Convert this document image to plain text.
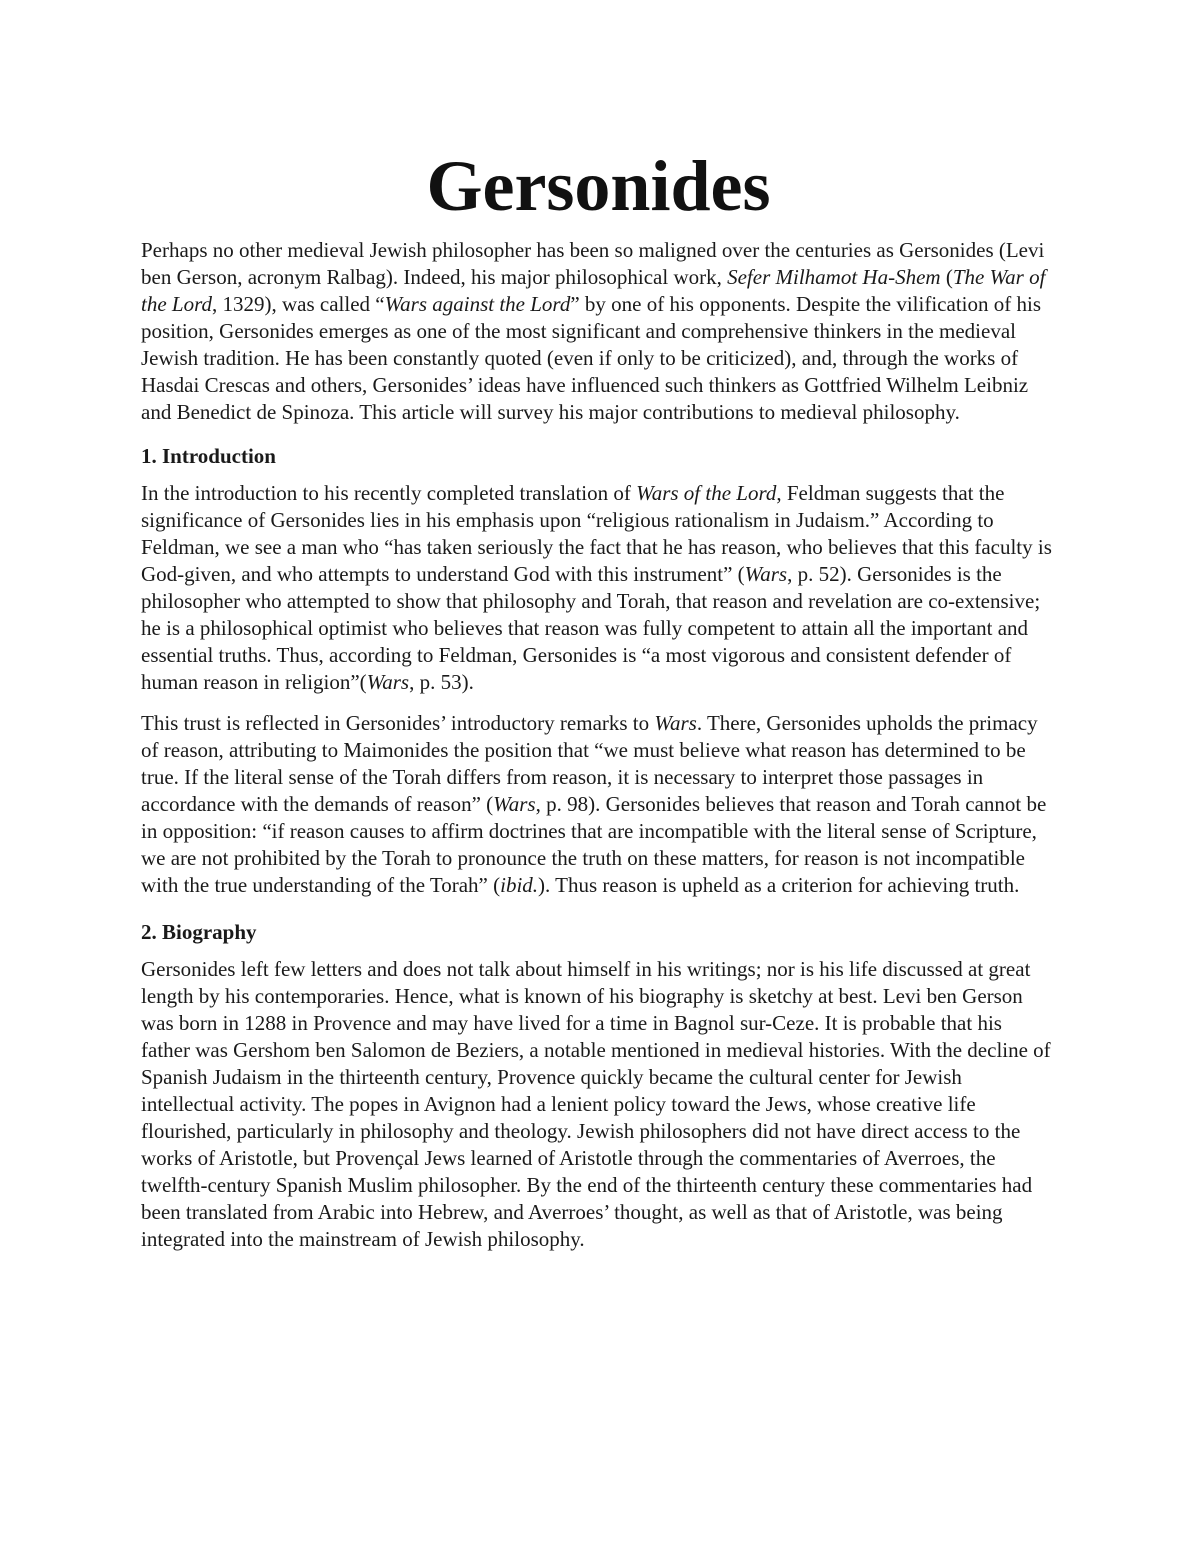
Gersonides

Perhaps no other medieval Jewish philosopher has been so maligned over the centuries as Gersonides (Levi ben Gerson, acronym Ralbag). Indeed, his major philosophical work, Sefer Milhamot Ha-Shem (The War of the Lord, 1329), was called “Wars against the Lord” by one of his opponents. Despite the vilification of his position, Gersonides emerges as one of the most significant and comprehensive thinkers in the medieval Jewish tradition. He has been constantly quoted (even if only to be criticized), and, through the works of Hasdai Crescas and others, Gersonides’ ideas have influenced such thinkers as Gottfried Wilhelm Leibniz and Benedict de Spinoza. This article will survey his major contributions to medieval philosophy.

1. Introduction

In the introduction to his recently completed translation of Wars of the Lord, Feldman suggests that the significance of Gersonides lies in his emphasis upon “religious rationalism in Judaism.” According to Feldman, we see a man who “has taken seriously the fact that he has reason, who believes that this faculty is God-given, and who attempts to understand God with this instrument” (Wars, p. 52). Gersonides is the philosopher who attempted to show that philosophy and Torah, that reason and revelation are co-extensive; he is a philosophical optimist who believes that reason was fully competent to attain all the important and essential truths. Thus, according to Feldman, Gersonides is “a most vigorous and consistent defender of human reason in religion”(Wars, p. 53).

This trust is reflected in Gersonides’ introductory remarks to Wars. There, Gersonides upholds the primacy of reason, attributing to Maimonides the position that “we must believe what reason has determined to be true. If the literal sense of the Torah differs from reason, it is necessary to interpret those passages in accordance with the demands of reason” (Wars, p. 98). Gersonides believes that reason and Torah cannot be in opposition: “if reason causes to affirm doctrines that are incompatible with the literal sense of Scripture, we are not prohibited by the Torah to pronounce the truth on these matters, for reason is not incompatible with the true understanding of the Torah” (ibid.). Thus reason is upheld as a criterion for achieving truth.

2. Biography

Gersonides left few letters and does not talk about himself in his writings; nor is his life discussed at great length by his contemporaries. Hence, what is known of his biography is sketchy at best. Levi ben Gerson was born in 1288 in Provence and may have lived for a time in Bagnol sur-Ceze. It is probable that his father was Gershom ben Salomon de Beziers, a notable mentioned in medieval histories. With the decline of Spanish Judaism in the thirteenth century, Provence quickly became the cultural center for Jewish intellectual activity. The popes in Avignon had a lenient policy toward the Jews, whose creative life flourished, particularly in philosophy and theology. Jewish philosophers did not have direct access to the works of Aristotle, but Provençal Jews learned of Aristotle through the commentaries of Averroes, the twelfth-century Spanish Muslim philosopher. By the end of the thirteenth century these commentaries had been translated from Arabic into Hebrew, and Averroes’ thought, as well as that of Aristotle, was being integrated into the mainstream of Jewish philosophy.
